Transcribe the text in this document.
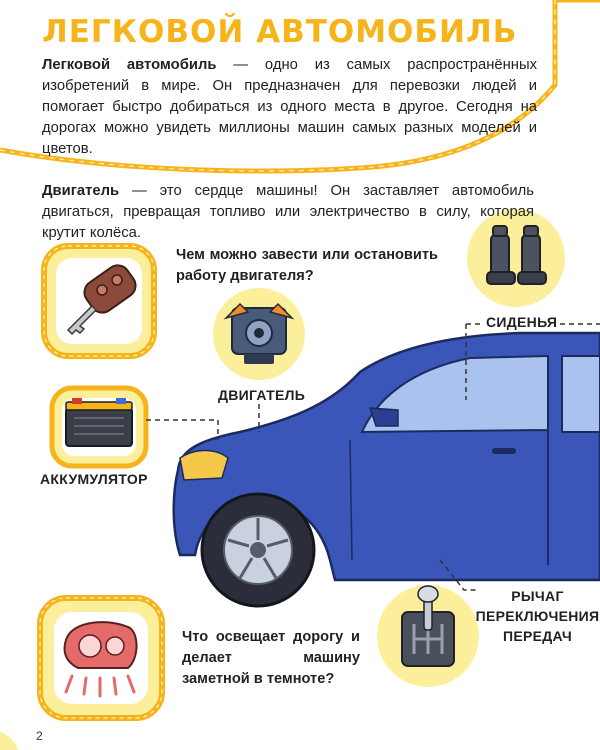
ЛЕГКОВОЙ АВТОМОБИЛЬ

Легковой автомобиль — одно из самых распространённых изобретений в мире. Он предназначен для перевозки людей и помогает быстро добираться из одного места в другое. Сегодня на дорогах можно увидеть миллионы машин самых разных моделей и цветов.

Двигатель — это сердце машины! Он заставляет автомобиль двигаться, превращая топливо или электричество в силу, которая крутит колёса.

Чем можно завести или остановить работу двигателя?

Что освещает дорогу и делает машину заметной в темноте?

СИДЕНЬЯ

ДВИГАТЕЛЬ

АККУМУЛЯТОР

РЫЧАГ ПЕРЕКЛЮЧЕНИЯ ПЕРЕДАЧ

2
